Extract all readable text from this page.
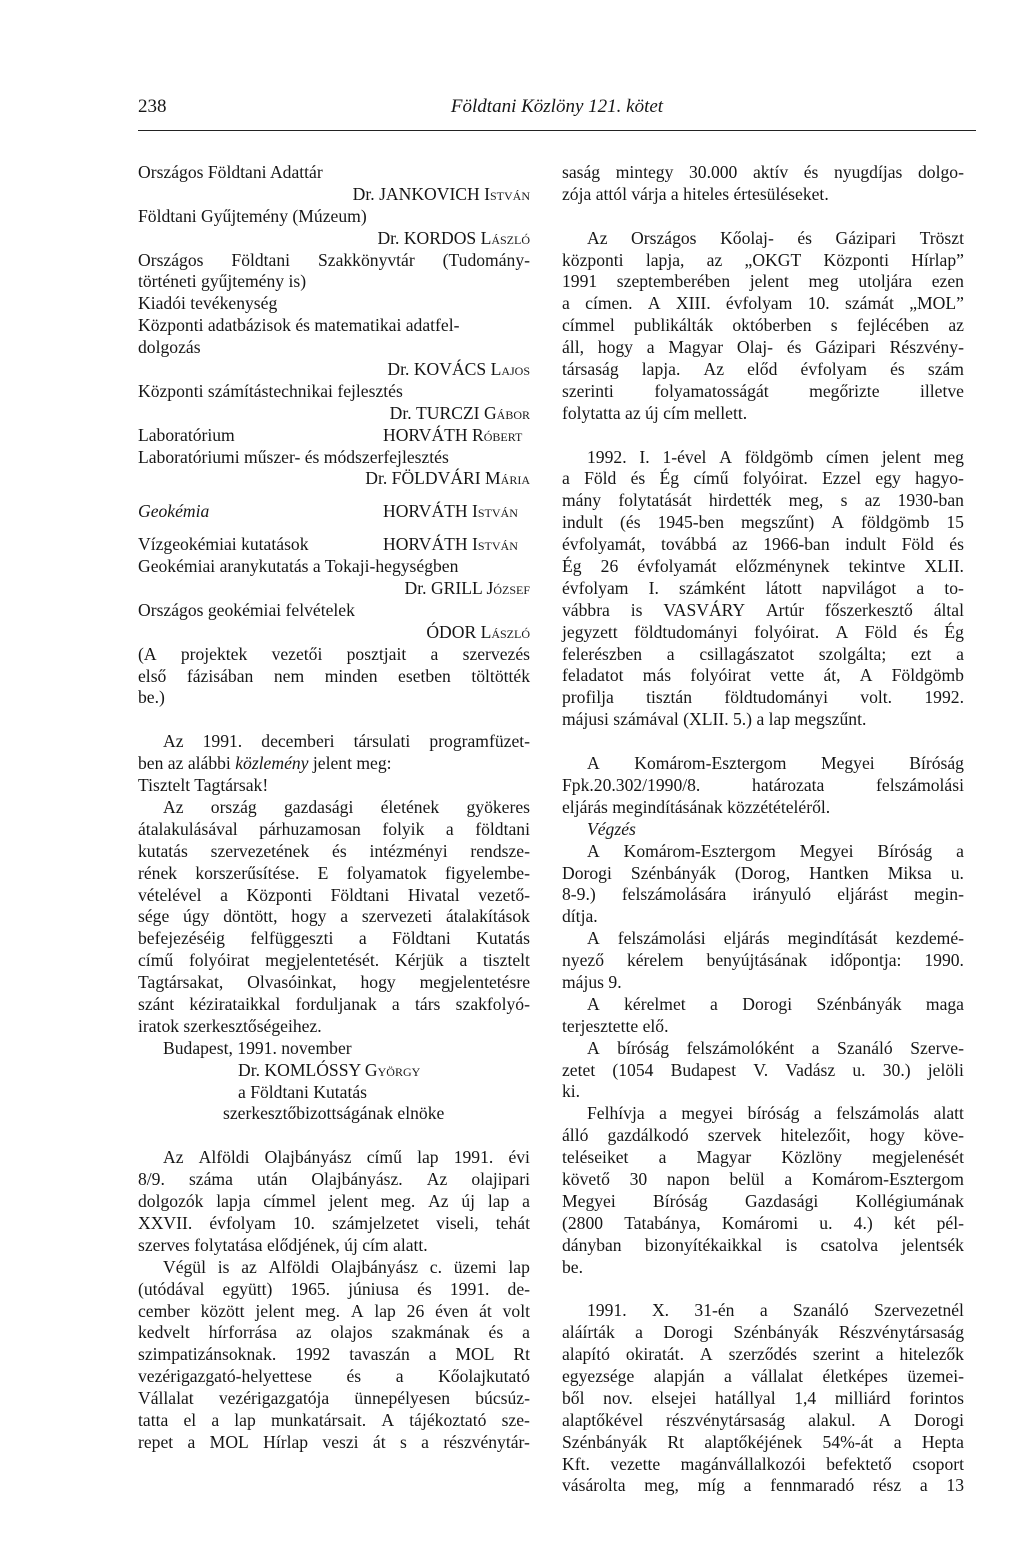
238	Földtani Közlöny 121. kötet
Országos Földtani Adattár
Dr. JANKOVICH István
Földtani Gyűjtemény (Múzeum)
Dr. KORDOS László
Országos Földtani Szakkönyvtár (Tudomány-
történeti gyűjtemény is)
Kiadói tevékenység
Központi adatbázisok és matematikai adatfel-
dolgozás
Dr. KOVÁCS Lajos
Központi számítástechnikai fejlesztés
Dr. TURCZI Gábor
Laboratórium	HORVÁTH Róbert
Laboratóriumi műszer- és módszerfejlesztés
Dr. FÖLDVÁRI Mária
Geokémia	HORVÁTH István
Vízgeokémiai kutatások	HORVÁTH István
Geokémiai aranykutatás a Tokaji-hegységben
Dr. GRILL József
Országos geokémiai felvételek
ÓDOR László
(A projektek vezetői posztjait a szervezés
első fázisában nem minden esetben töltötték
be.)
Az 1991. decemberi társulati programfüzet-
ben az alábbi közlemény jelent meg:
Tisztelt Tagtársak!
Az ország gazdasági életének gyökeres
átalakulásával párhuzamosan folyik a földtani
kutatás szervezetének és intézményi rendsze-
rének korszerűsítése. E folyamatok figyelembe-
vételével a Központi Földtani Hivatal vezető-
sége úgy döntött, hogy a szervezeti átalakítások
befejezéséig felfüggeszti a Földtani Kutatás
című folyóirat megjelentetését. Kérjük a tisztelt
Tagtársakat, Olvasóinkat, hogy megjelentetésre
szánt kézirataikkal forduljanak a társ szakfolyó-
iratok szerkesztőségeihez.
Budapest, 1991. november
Dr. KOMLÓSSY György
a Földtani Kutatás
szerkesztőbizottságának elnöke
Az Alföldi Olajbányász című lap 1991. évi
8/9. száma után Olajbányász. Az olajipari
dolgozók lapja címmel jelent meg. Az új lap a
XXVII. évfolyam 10. számjelzetet viseli, tehát
szerves folytatása elődjének, új cím alatt.
Végül is az Alföldi Olajbányász c. üzemi lap
(utódával együtt) 1965. júniusa és 1991. de-
cember között jelent meg. A lap 26 éven át volt
kedvelt hírforrása az olajos szakmának és a
szimpatizánsoknak. 1992 tavaszán a MOL Rt
vezérigazgató-helyettese és a Kőolajkutató
Vállalat vezérigazgatója ünnepélyesen búcsúz-
tatta el a lap munkatársait. A tájékoztató sze-
repet a MOL Hírlap veszi át s a részvénytár-
saság mintegy 30.000 aktív és nyugdíjas dolgo-
zója attól várja a hiteles értesüléseket.
Az Országos Kőolaj- és Gázipari Tröszt
központi lapja, az „OKGT Központi Hírlap”
1991 szeptemberében jelent meg utoljára ezen
a címen. A XIII. évfolyam 10. számát „MOL”
címmel publikálták októberben s fejlécében az
áll, hogy a Magyar Olaj- és Gázipari Részvény-
társaság lapja. Az előd évfolyam és szám
szerinti folyamatosságát megőrizte illetve
folytatta az új cím mellett.
1992. I. 1-ével A földgömb címen jelent meg
a Föld és Ég című folyóirat. Ezzel egy hagyo-
mány folytatását hirdették meg, s az 1930-ban
indult (és 1945-ben megszűnt) A földgömb 15
évfolyamát, továbbá az 1966-ban indult Föld és
Ég 26 évfolyamát előzménynek tekintve XLII.
évfolyam I. számként látott napvilágot a to-
vábbra is VASVÁRY Artúr főszerkesztő által
jegyzett földtudományi folyóirat. A Föld és Ég
felerészben a csillagászatot szolgálta; ezt a
feladatot más folyóirat vette át, A Földgömb
profilja tisztán földtudományi volt. 1992.
májusi számával (XLII. 5.) a lap megszűnt.
A Komárom-Esztergom Megyei Bíróság
Fpk.20.302/1990/8.	határozata	felszámolási
eljárás megindításának közzétételéről.
Végzés
A Komárom-Esztergom Megyei Bíróság a
Dorogi Szénbányák (Dorog, Hantken Miksa u.
8-9.) felszámolására irányuló eljárást megin-
dítja.
A felszámolási eljárás megindítását kezdemé-
nyező kérelem benyújtásának időpontja: 1990.
május 9.
A kérelmet a Dorogi Szénbányák maga
terjesztette elő.
A bíróság felszámolóként a Szanáló Szerve-
zetet (1054 Budapest V. Vadász u. 30.) jelöli
ki.
Felhívja a megyei bíróság a felszámolás alatt
álló gazdálkodó szervek hitelezőit, hogy köve-
teléseiket a Magyar Közlöny megjelenését
követő 30 napon belül a Komárom-Esztergom
Megyei Bíróság Gazdasági Kollégiumának
(2800 Tatabánya, Komáromi u. 4.) két pél-
dányban bizonyítékaikkal is csatolva jelentsék
be.
1991. X. 31-én a Szanáló Szervezetnél
aláírták a Dorogi Szénbányák Részvénytársaság
alapító okiratát. A szerződés szerint a hitelezők
egyezsége alapján a vállalat életképes üzemei-
ből nov. elsejei hatállyal 1,4 milliárd forintos
alaptőkével részvénytársaság alakul. A Dorogi
Szénbányák Rt alaptőkéjének 54%-át a Hepta
Kft. vezette magánvállalkozói befektető csoport
vásárolta meg, míg a fennmaradó rész a 13
